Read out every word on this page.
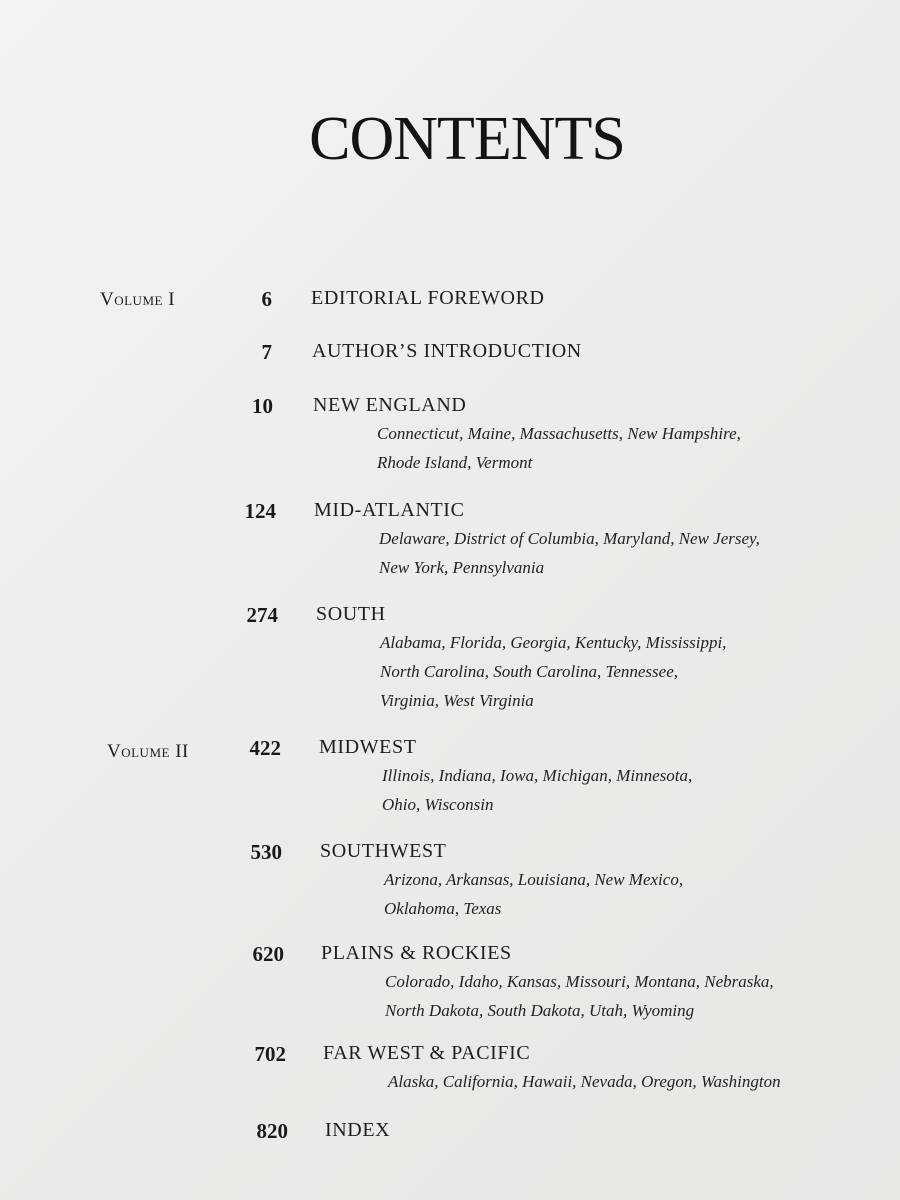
CONTENTS
Volume I
Volume II
6 EDITORIAL FOREWORD
7 AUTHOR’S INTRODUCTION
10 NEW ENGLAND
Connecticut, Maine, Massachusetts, New Hampshire,
Rhode Island, Vermont
124 MID-ATLANTIC
Delaware, District of Columbia, Maryland, New Jersey,
New York, Pennsylvania
274 SOUTH
Alabama, Florida, Georgia, Kentucky, Mississippi,
North Carolina, South Carolina, Tennessee,
Virginia, West Virginia
422 MIDWEST
Illinois, Indiana, Iowa, Michigan, Minnesota,
Ohio, Wisconsin
530 SOUTHWEST
Arizona, Arkansas, Louisiana, New Mexico,
Oklahoma, Texas
620 PLAINS & ROCKIES
Colorado, Idaho, Kansas, Missouri, Montana, Nebraska,
North Dakota, South Dakota, Utah, Wyoming
702 FAR WEST & PACIFIC
Alaska, California, Hawaii, Nevada, Oregon, Washington
820 INDEX
